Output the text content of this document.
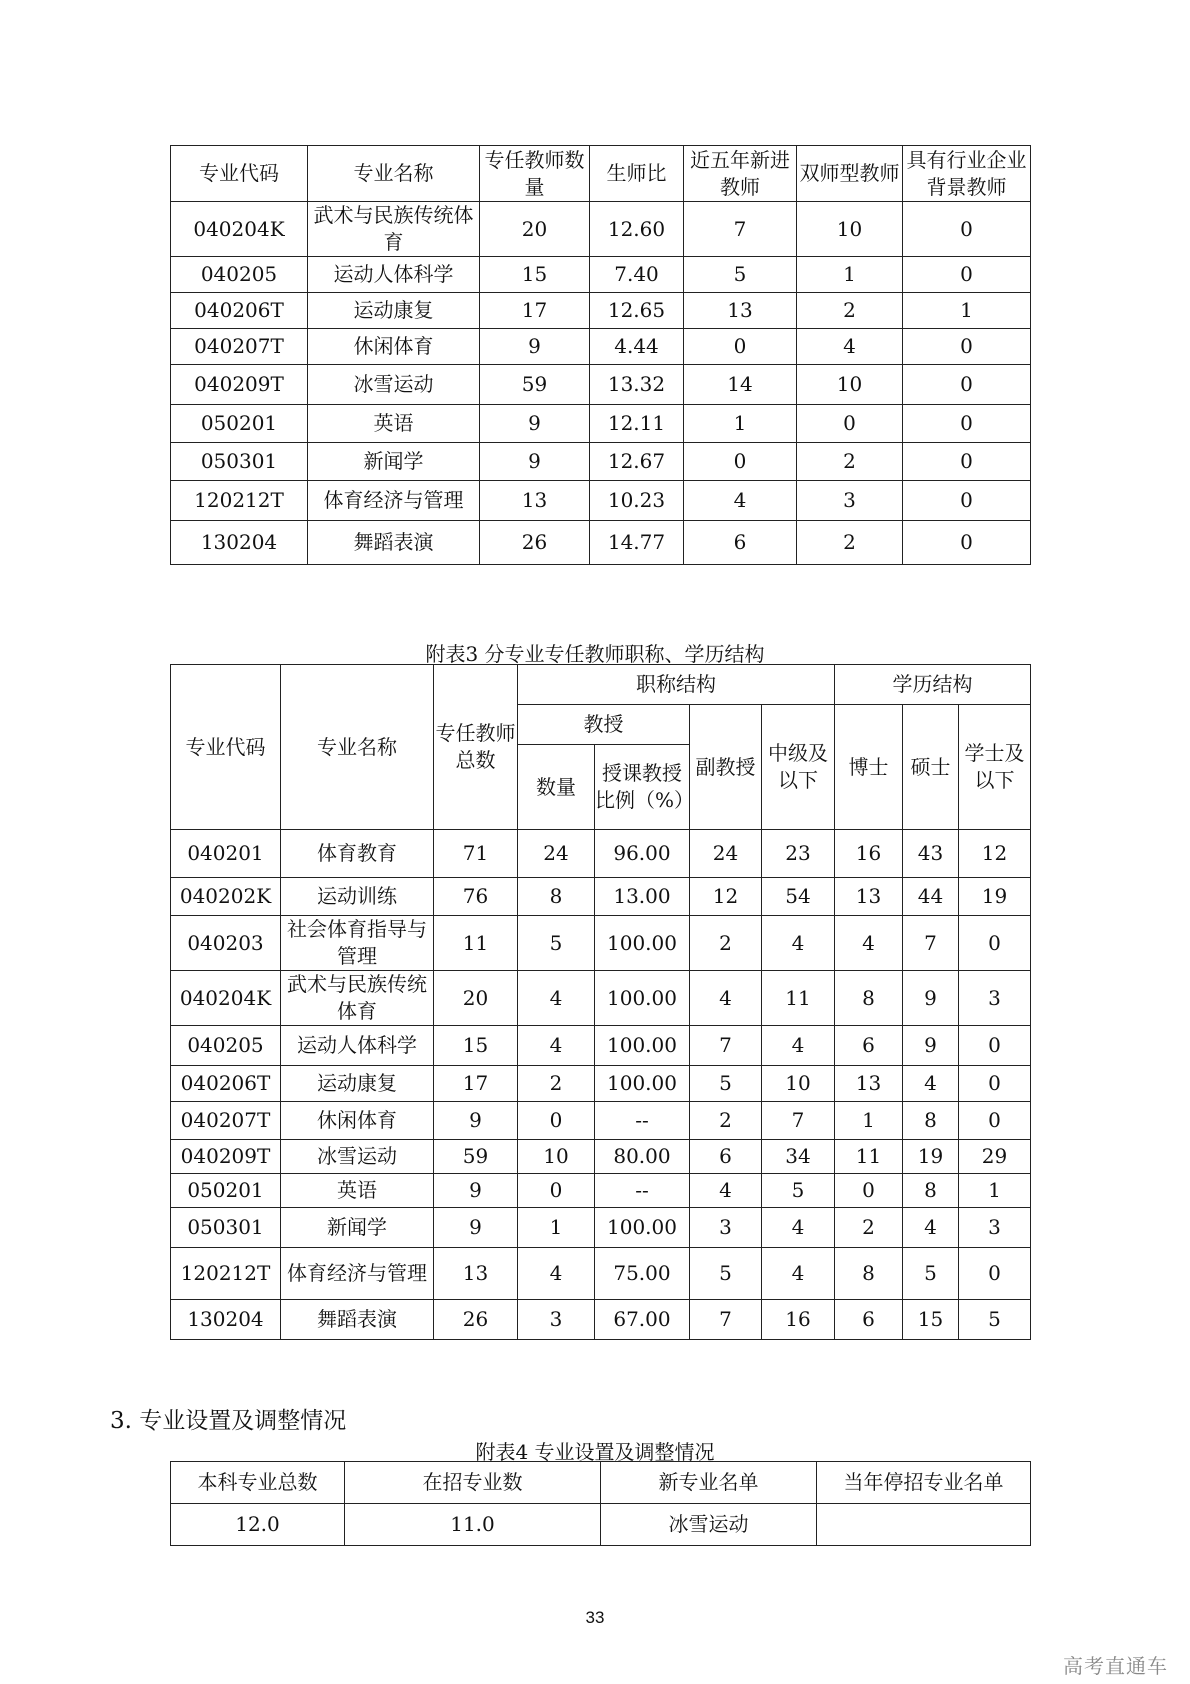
专业代码	专业名称	专任教师数量	生师比	近五年新进教师	双师型教师	具有行业企业背景教师
040204K	武术与民族传统体育	20	12.60	7	10	0
040205	运动人体科学	15	7.40	5	1	0
040206T	运动康复	17	12.65	13	2	1
040207T	休闲体育	9	4.44	0	4	0
040209T	冰雪运动	59	13.32	14	10	0
050201	英语	9	12.11	1	0	0
050301	新闻学	9	12.67	0	2	0
120212T	体育经济与管理	13	10.23	4	3	0
130204	舞蹈表演	26	14.77	6	2	0
附表3 分专业专任教师职称、学历结构
专业代码	专业名称	专任教师总数	职称结构				学历结构		
			教授		副教授	中级及以下	博士	硕士	学士及以下
			数量	授课教授比例（%）					
040201	体育教育	71	24	96.00	24	23	16	43	12
040202K	运动训练	76	8	13.00	12	54	13	44	19
040203	社会体育指导与管理	11	5	100.00	2	4	4	7	0
040204K	武术与民族传统体育	20	4	100.00	4	11	8	9	3
040205	运动人体科学	15	4	100.00	7	4	6	9	0
040206T	运动康复	17	2	100.00	5	10	13	4	0
040207T	休闲体育	9	0	--	2	7	1	8	0
040209T	冰雪运动	59	10	80.00	6	34	11	19	29
050201	英语	9	0	--	4	5	0	8	1
050301	新闻学	9	1	100.00	3	4	2	4	3
120212T	体育经济与管理	13	4	75.00	5	4	8	5	0
130204	舞蹈表演	26	3	67.00	7	16	6	15	5
3. 专业设置及调整情况
附表4 专业设置及调整情况
本科专业总数	在招专业数	新专业名单	当年停招专业名单
12.0	11.0	冰雪运动	
33
高考直通车
